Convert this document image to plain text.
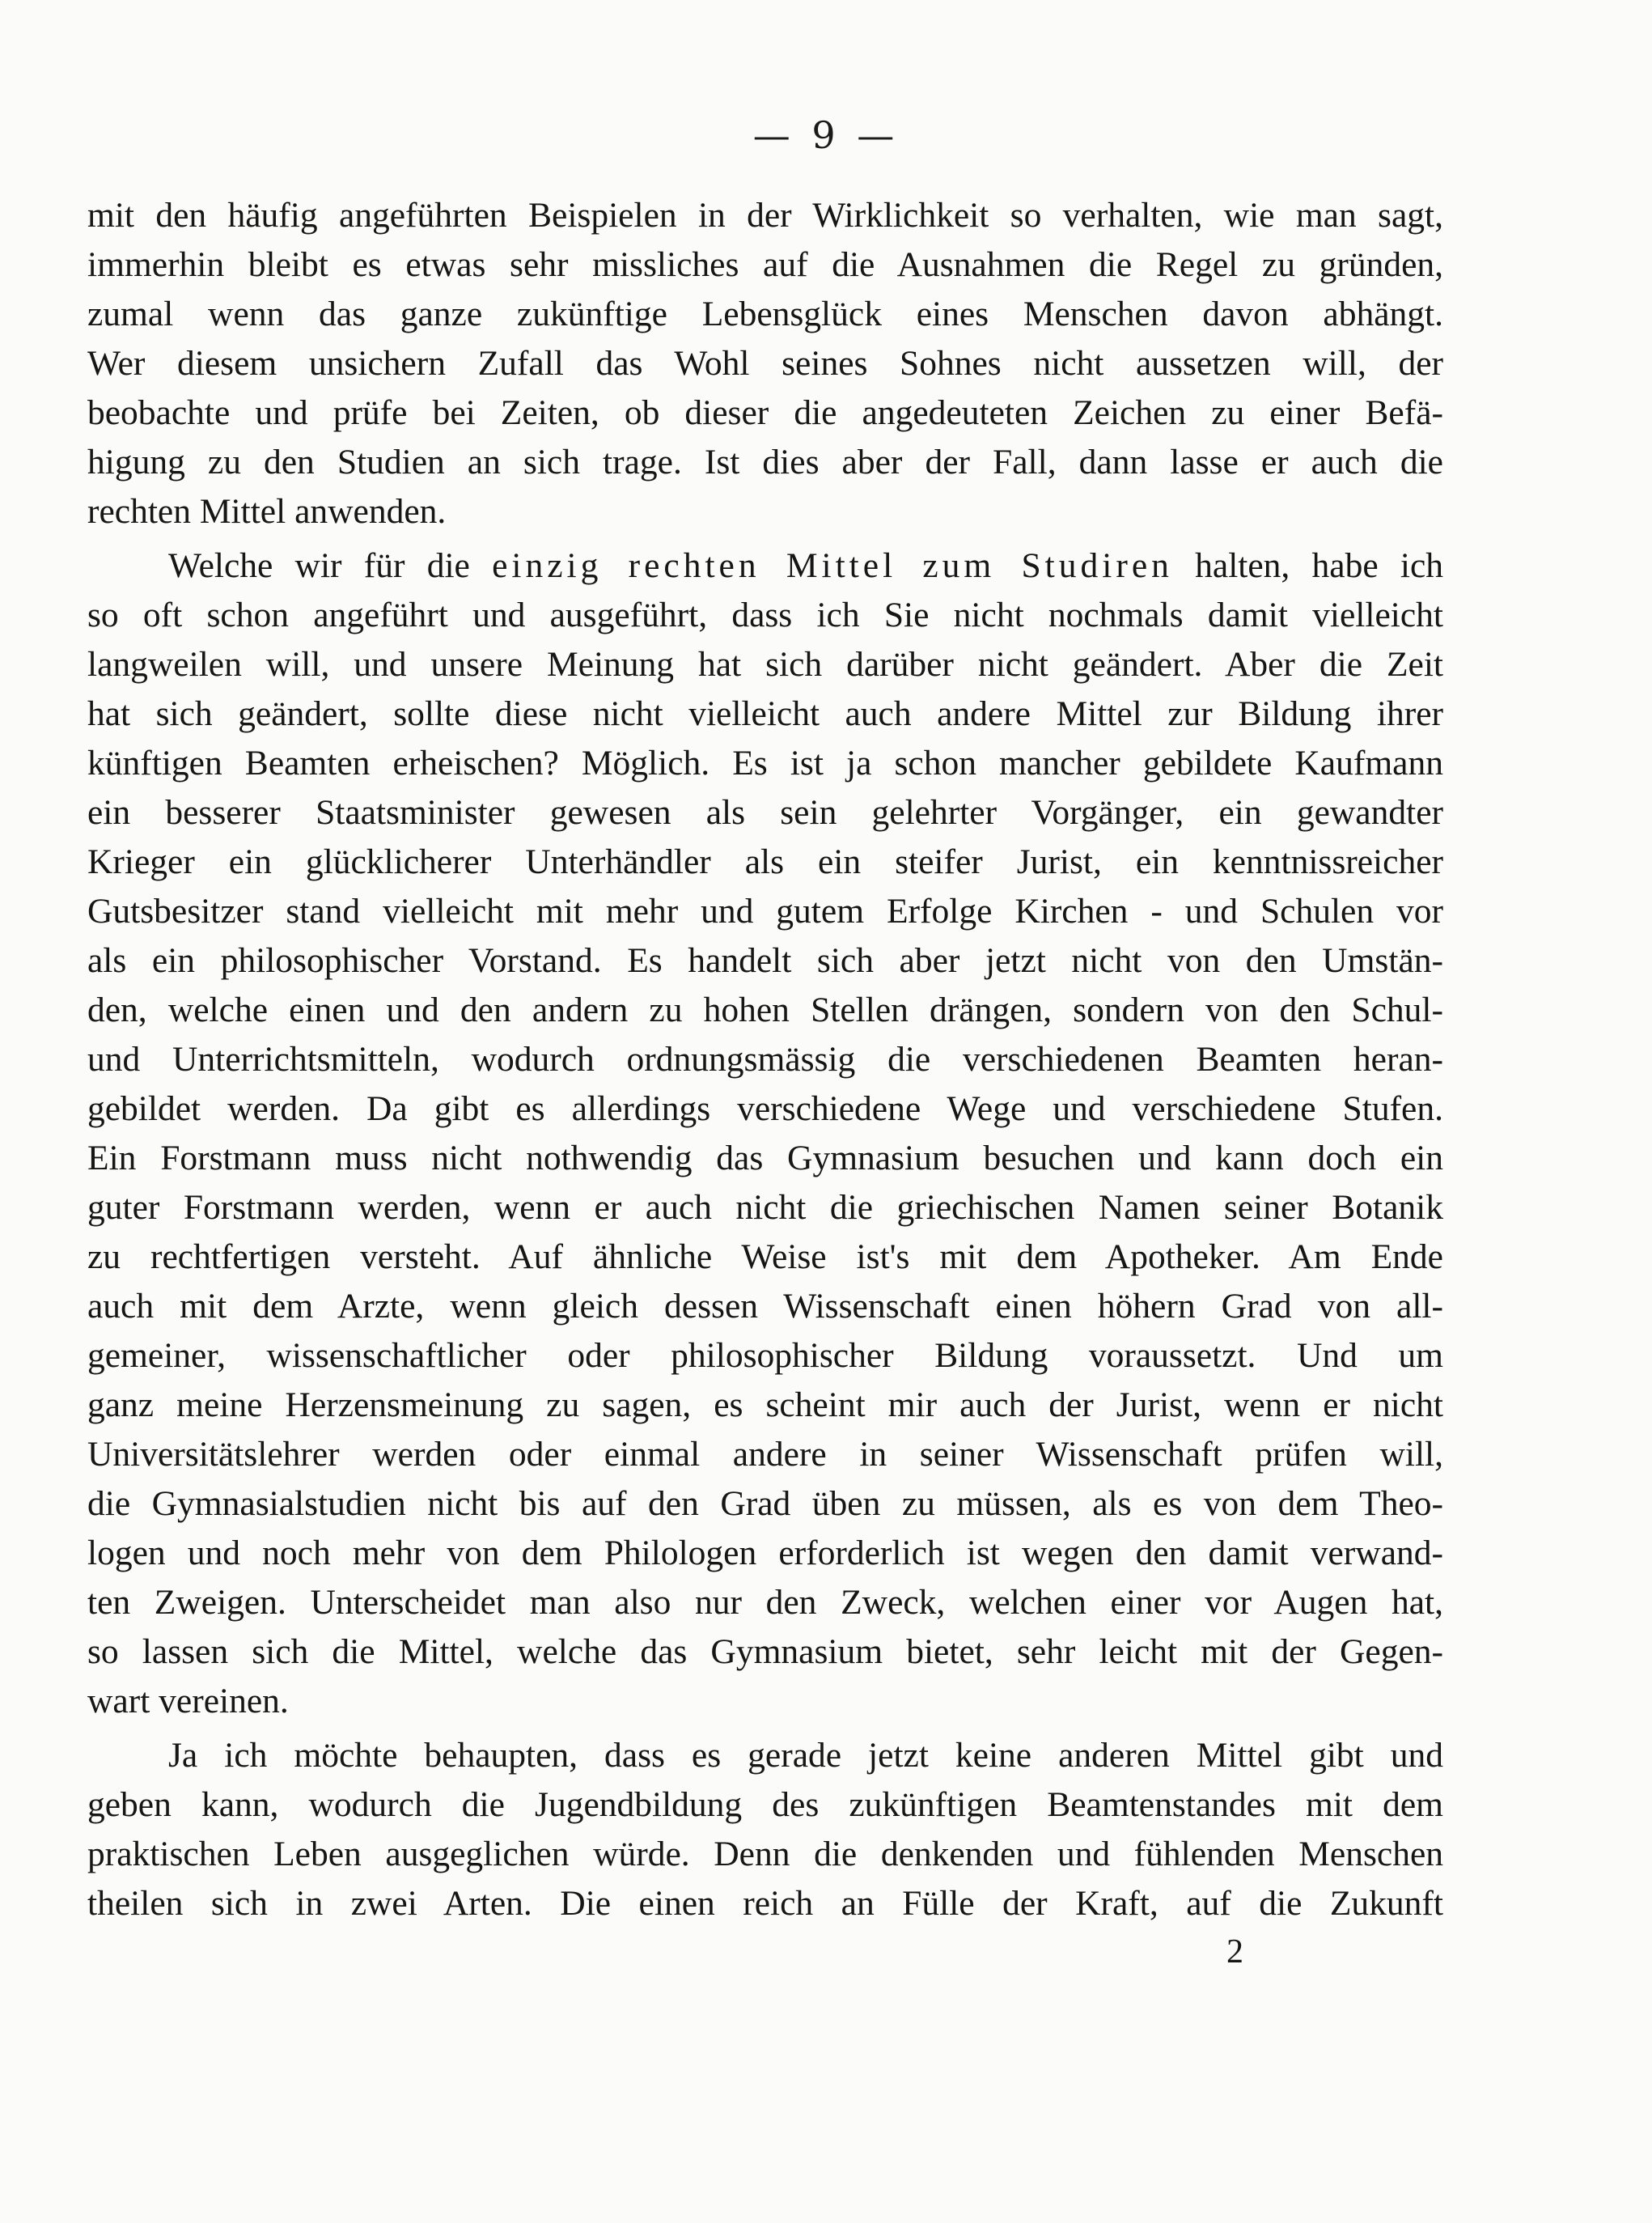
— 9 —
mit den häufig angeführten Beispielen in der Wirklichkeit so verhalten, wie man sagt,
immerhin bleibt es etwas sehr missliches auf die Ausnahmen die Regel zu gründen,
zumal wenn das ganze zukünftige Lebensglück eines Menschen davon abhängt.
Wer diesem unsichern Zufall das Wohl seines Sohnes nicht aussetzen will, der
beobachte und prüfe bei Zeiten, ob dieser die angedeuteten Zeichen zu einer Befä-
higung zu den Studien an sich trage. Ist dies aber der Fall, dann lasse er auch die
rechten Mittel anwenden.
Welche wir für die einzig rechten Mittel zum Studiren halten, habe ich
so oft schon angeführt und ausgeführt, dass ich Sie nicht nochmals damit vielleicht
langweilen will, und unsere Meinung hat sich darüber nicht geändert. Aber die Zeit
hat sich geändert, sollte diese nicht vielleicht auch andere Mittel zur Bildung ihrer
künftigen Beamten erheischen? Möglich. Es ist ja schon mancher gebildete Kaufmann
ein besserer Staatsminister gewesen als sein gelehrter Vorgänger, ein gewandter
Krieger ein glücklicherer Unterhändler als ein steifer Jurist, ein kenntnissreicher
Gutsbesitzer stand vielleicht mit mehr und gutem Erfolge Kirchen - und Schulen vor
als ein philosophischer Vorstand. Es handelt sich aber jetzt nicht von den Umstän-
den, welche einen und den andern zu hohen Stellen drängen, sondern von den Schul-
und Unterrichtsmitteln, wodurch ordnungsmässig die verschiedenen Beamten heran-
gebildet werden. Da gibt es allerdings verschiedene Wege und verschiedene Stufen.
Ein Forstmann muss nicht nothwendig das Gymnasium besuchen und kann doch ein
guter Forstmann werden, wenn er auch nicht die griechischen Namen seiner Botanik
zu rechtfertigen versteht. Auf ähnliche Weise ist's mit dem Apotheker. Am Ende
auch mit dem Arzte, wenn gleich dessen Wissenschaft einen höhern Grad von all-
gemeiner, wissenschaftlicher oder philosophischer Bildung voraussetzt. Und um
ganz meine Herzensmeinung zu sagen, es scheint mir auch der Jurist, wenn er nicht
Universitätslehrer werden oder einmal andere in seiner Wissenschaft prüfen will,
die Gymnasialstudien nicht bis auf den Grad üben zu müssen, als es von dem Theo-
logen und noch mehr von dem Philologen erforderlich ist wegen den damit verwand-
ten Zweigen. Unterscheidet man also nur den Zweck, welchen einer vor Augen hat,
so lassen sich die Mittel, welche das Gymnasium bietet, sehr leicht mit der Gegen-
wart vereinen.
Ja ich möchte behaupten, dass es gerade jetzt keine anderen Mittel gibt und
geben kann, wodurch die Jugendbildung des zukünftigen Beamtenstandes mit dem
praktischen Leben ausgeglichen würde. Denn die denkenden und fühlenden Menschen
theilen sich in zwei Arten. Die einen reich an Fülle der Kraft, auf die Zukunft
2
